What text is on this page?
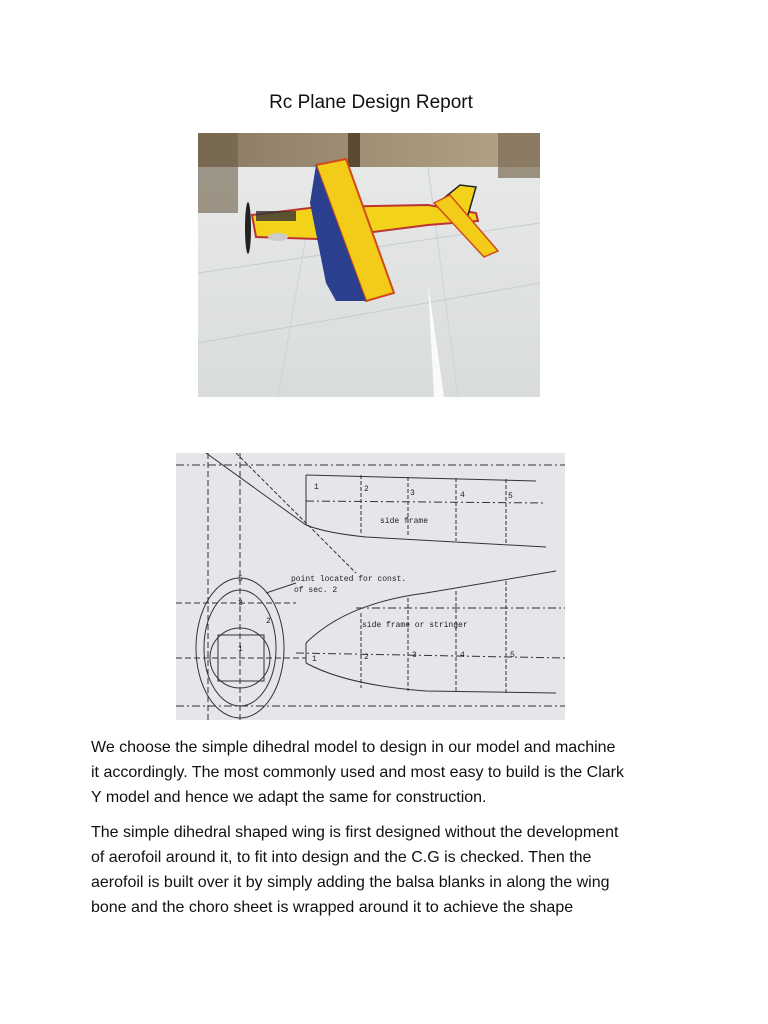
Rc Plane Design Report
1	2	3	4	5
side frame
point located for const.
of sec. 2
5
3
2
1
side frame or stringer
1	2	3	4	5
We choose the simple dihedral model to design in our model and machine
it accordingly. The most commonly used and most easy to build is the Clark
Y model and hence we adapt the same for construction.
The simple dihedral shaped wing is first designed without the development
of aerofoil around it, to fit into design and the C.G is checked. Then the
aerofoil is built over it by simply adding the balsa blanks in along the wing
bone and the choro sheet is wrapped around it to achieve the shape
